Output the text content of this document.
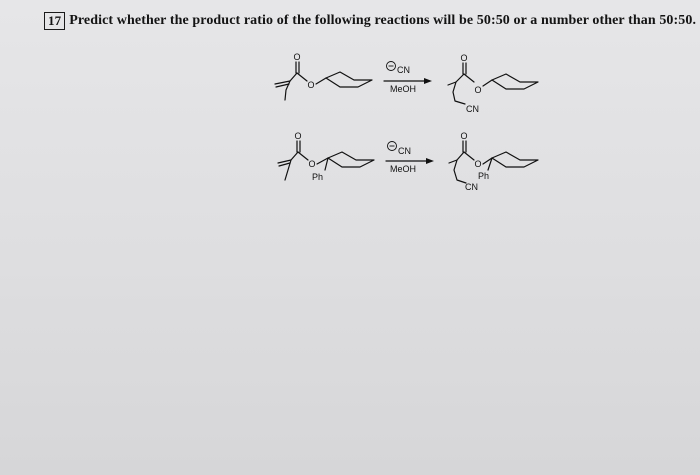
17 Predict whether the product ratio of the following reactions will be 50:50 or a number other than 50:50.
O
O
CN
MeOH
O
O
CN
O
O
Ph
CN
MeOH
O
O
Ph
CN
